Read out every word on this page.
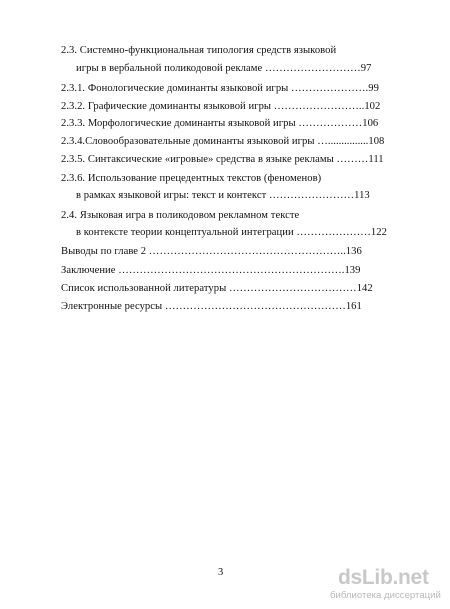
2.3. Системно-функциональная типология средств языковой
игры в вербальной поликодовой рекламе ………………………97
2.3.1. Фонологические доминанты языковой игры ………………….99
2.3.2. Графические доминанты языковой игры ……………………..102
2.3.3. Морфологические доминанты языковой игры ………………106
2.3.4.Словообразовательные доминанты языковой игры …...............108
2.3.5. Синтаксические «игровые» средства в языке рекламы ………111
2.3.6. Использование прецедентных текстов (феноменов)
в рамках языковой игры: текст и контекст ……………………113
2.4. Языковая игра в поликодовом рекламном тексте
в контексте теории концептуальной интеграции …………………122
Выводы по главе 2 ………………………………………………..136
Заключение ……………………………………………………….139
Список использованной литературы ………………………………142
Электронные ресурсы ……………………………………………161
3	dsLib.net
библиотека диссертаций
